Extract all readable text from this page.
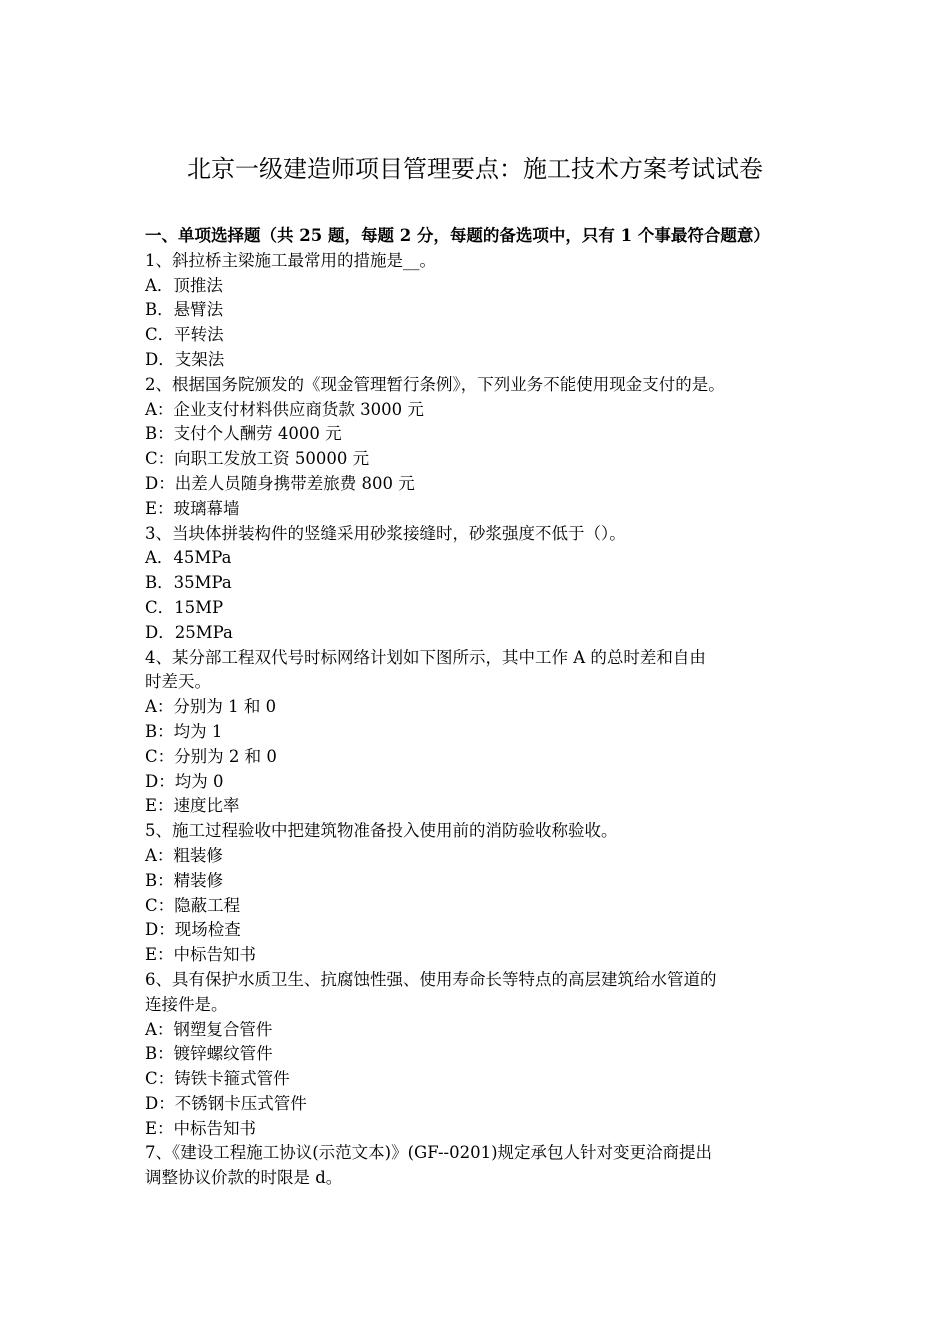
北京一级建造师项目管理要点：施工技术方案考试试卷
一、单项选择题（共 25 题，每题 2 分，每题的备选项中，只有 1 个事最符合题意）
1、斜拉桥主梁施工最常用的措施是__。
A．顶推法
B．悬臂法
C．平转法
D．支架法
2、根据国务院颁发的《现金管理暂行条例》，下列业务不能使用现金支付的是。
A：企业支付材料供应商货款 3000 元
B：支付个人酬劳 4000 元
C：向职工发放工资 50000 元
D：出差人员随身携带差旅费 800 元
E：玻璃幕墙
3、当块体拼装构件的竖缝采用砂浆接缝时，砂浆强度不低于（）。
A．45MPa
B．35MPa
C．15MP
D．25MPa
4、某分部工程双代号时标网络计划如下图所示，其中工作 A 的总时差和自由
时差天。
A：分别为 1 和 0
B：均为 1
C：分别为 2 和 0
D：均为 0
E：速度比率
5、施工过程验收中把建筑物准备投入使用前的消防验收称验收。
A：粗装修
B：精装修
C：隐蔽工程
D：现场检查
E：中标告知书
6、具有保护水质卫生、抗腐蚀性强、使用寿命长等特点的高层建筑给水管道的
连接件是。
A：钢塑复合管件
B：镀锌螺纹管件
C：铸铁卡箍式管件
D：不锈钢卡压式管件
E：中标告知书
7、《建设工程施工协议(示范文本)》(GF--0201)规定承包人针对变更洽商提出
调整协议价款的时限是 d。
